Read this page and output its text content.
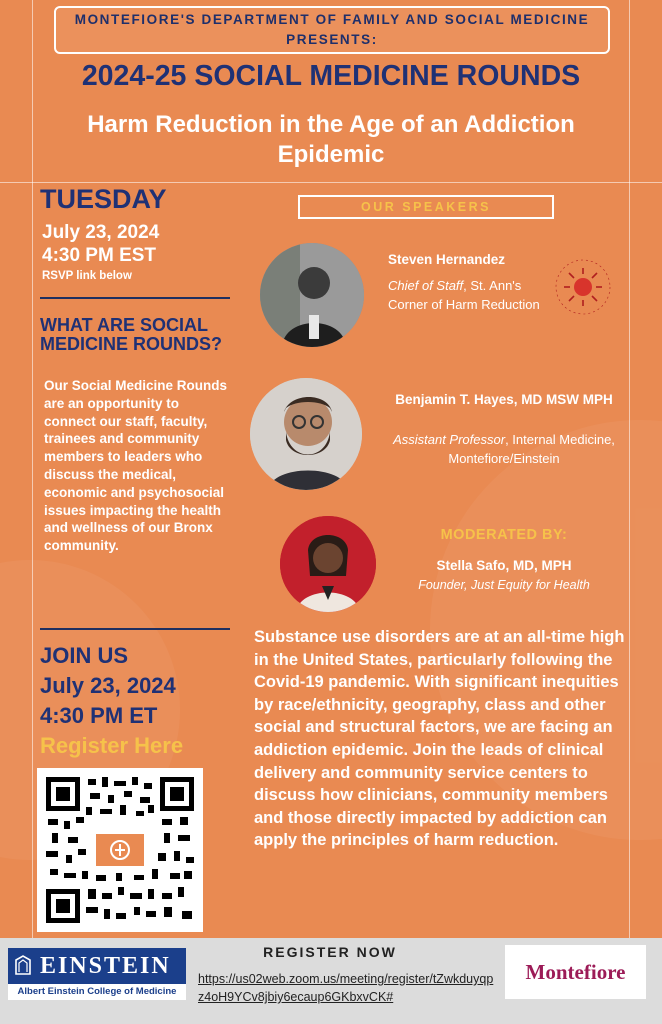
MONTEFIORE'S DEPARTMENT OF FAMILY AND SOCIAL MEDICINE PRESENTS:
2024-25 SOCIAL MEDICINE ROUNDS
Harm Reduction in the Age of an Addiction Epidemic
TUESDAY
July 23, 2024
4:30 PM EST
RSVP link below
WHAT ARE SOCIAL MEDICINE ROUNDS?
Our Social Medicine Rounds are an opportunity to connect our staff, faculty, trainees and community members to leaders who discuss the medical, economic and psychosocial issues impacting the health and wellness of our Bronx community.
JOIN US
July 23, 2024
4:30 PM ET
Register Here
OUR SPEAKERS
Steven Hernandez
Chief of Staff, St. Ann's Corner of Harm Reduction
Benjamin T. Hayes, MD MSW MPH
Assistant Professor, Internal Medicine, Montefiore/Einstein
MODERATED BY:
Stella Safo, MD, MPH
Founder, Just Equity for Health
Substance use disorders are at an all-time high in the United States, particularly following the Covid-19 pandemic. With significant inequities by race/ethnicity, geography, class and other social and structural factors, we are facing an addiction epidemic. Join the leads of clinical delivery and community service centers to discuss how clinicians, community members and those directly impacted by addiction can apply the principles of harm reduction.
EINSTEIN
Albert Einstein College of Medicine
REGISTER NOW
https://us02web.zoom.us/meeting/register/tZwkduyqpz4oH9YCv8jbiy6ecaup6GKbxvCK#
Montefiore
